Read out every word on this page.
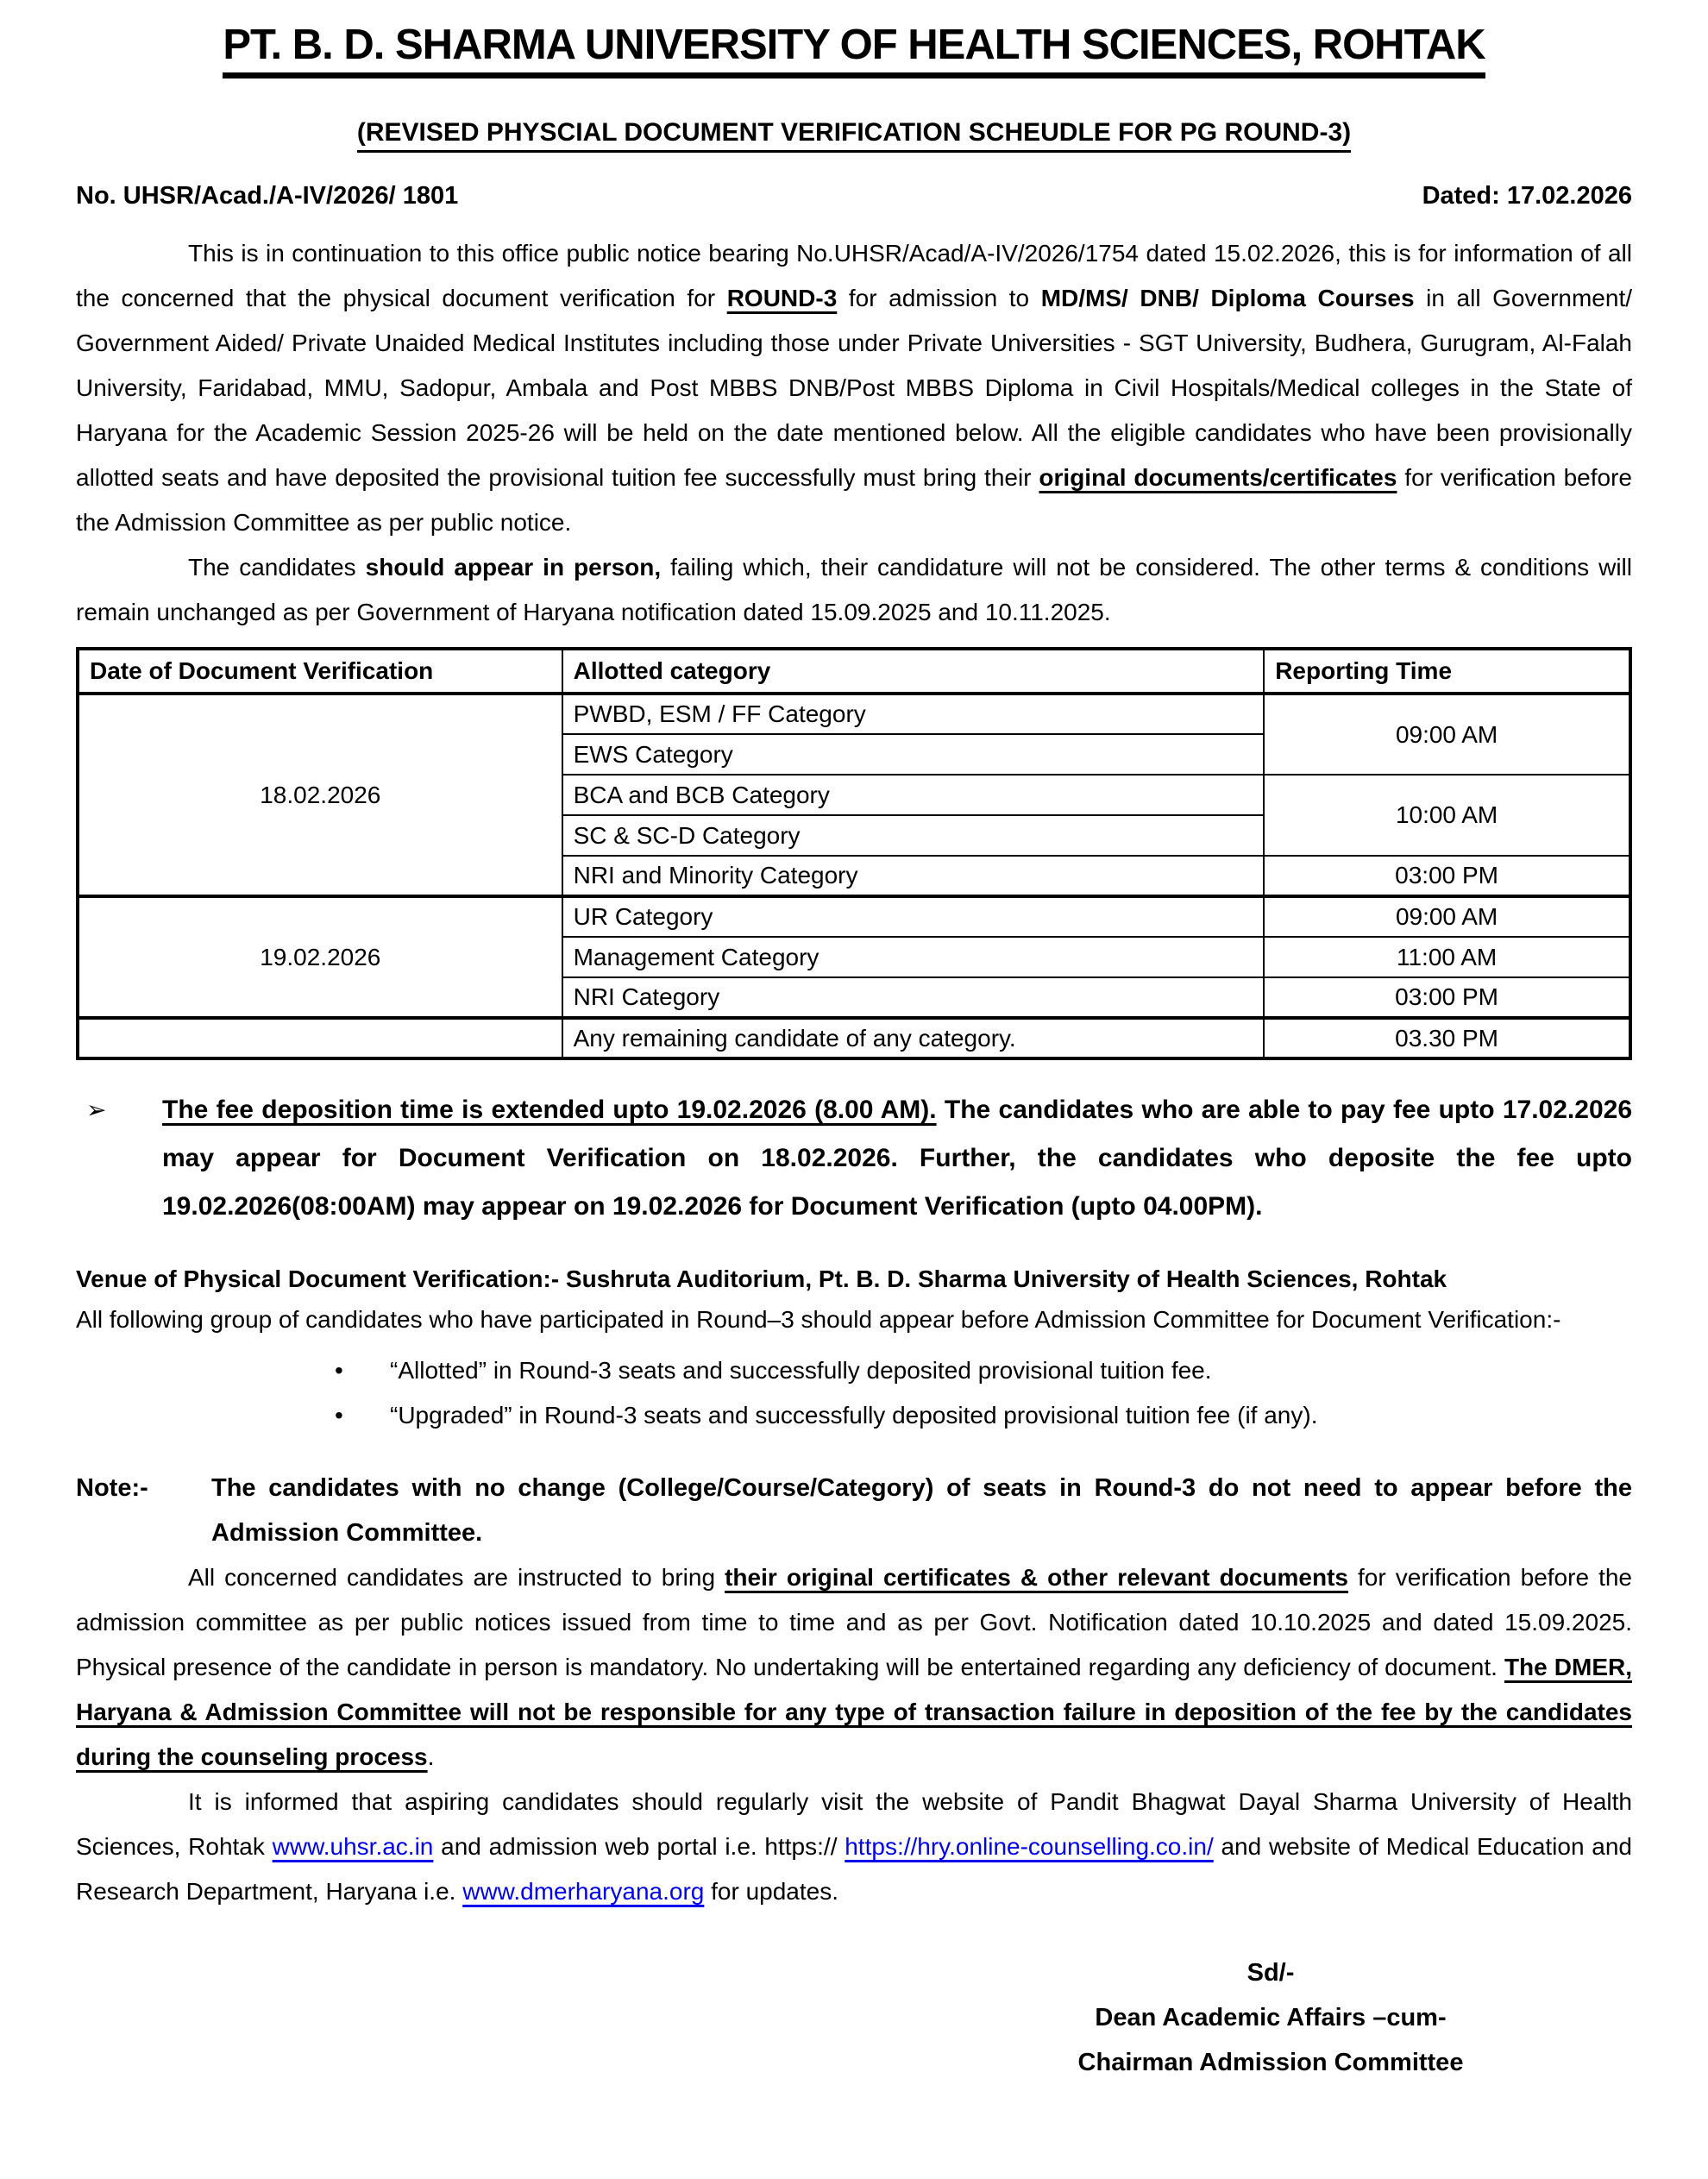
PT. B. D. SHARMA UNIVERSITY OF HEALTH SCIENCES, ROHTAK
(REVISED PHYSCIAL DOCUMENT VERIFICATION SCHEUDLE FOR PG ROUND-3)
No. UHSR/Acad./A-IV/2026/ 1801	Dated: 17.02.2026

This is in continuation to this office public notice bearing No.UHSR/Acad/A-IV/2026/1754 dated 15.02.2026, this is for information of all the concerned that the physical document verification for ROUND-3 for admission to MD/MS/ DNB/ Diploma Courses in all Government/ Government Aided/ Private Unaided Medical Institutes including those under Private Universities - SGT University, Budhera, Gurugram, Al-Falah University, Faridabad, MMU, Sadopur, Ambala and Post MBBS DNB/Post MBBS Diploma in Civil Hospitals/Medical colleges in the State of Haryana for the Academic Session 2025-26 will be held on the date mentioned below. All the eligible candidates who have been provisionally allotted seats and have deposited the provisional tuition fee successfully must bring their original documents/certificates for verification before the Admission Committee as per public notice.

The candidates should appear in person, failing which, their candidature will not be considered. The other terms & conditions will remain unchanged as per Government of Haryana notification dated 15.09.2025 and 10.11.2025.

Date of Document Verification	Allotted category	Reporting Time
18.02.2026	PWBD, ESM / FF Category	09:00 AM
	EWS Category	
	BCA and BCB Category	10:00 AM
	SC & SC-D Category	
	NRI and Minority Category	03:00 PM
19.02.2026	UR Category	09:00 AM
	Management Category	11:00 AM
	NRI Category	03:00 PM
	Any remaining candidate of any category.	03.30 PM
➢	The fee deposition time is extended upto 19.02.2026 (8.00 AM). The candidates who are able to pay fee upto 17.02.2026 may appear for Document Verification on 18.02.2026. Further, the candidates who deposite the fee upto 19.02.2026(08:00AM) may appear on 19.02.2026 for Document Verification (upto 04.00PM).

Venue of Physical Document Verification:- Sushruta Auditorium, Pt. B. D. Sharma University of Health Sciences, Rohtak

All following group of candidates who have participated in Round–3 should appear before Admission Committee for Document Verification:-

• “Allotted” in Round-3 seats and successfully deposited provisional tuition fee.
• “Upgraded” in Round-3 seats and successfully deposited provisional tuition fee (if any).
Note:-	The candidates with no change (College/Course/Category) of seats in Round-3 do not need to appear before the Admission Committee.

All concerned candidates are instructed to bring their original certificates & other relevant documents for verification before the admission committee as per public notices issued from time to time and as per Govt. Notification dated 10.10.2025 and dated 15.09.2025. Physical presence of the candidate in person is mandatory. No undertaking will be entertained regarding any deficiency of document. The DMER, Haryana & Admission Committee will not be responsible for any type of transaction failure in deposition of the fee by the candidates during the counseling process.

It is informed that aspiring candidates should regularly visit the website of Pandit Bhagwat Dayal Sharma University of Health Sciences, Rohtak www.uhsr.ac.in and admission web portal i.e. https:// https://hry.online-counselling.co.in/ and website of Medical Education and Research Department, Haryana i.e. www.dmerharyana.org for updates.

Sd/-
Dean Academic Affairs –cum-
Chairman Admission Committee
